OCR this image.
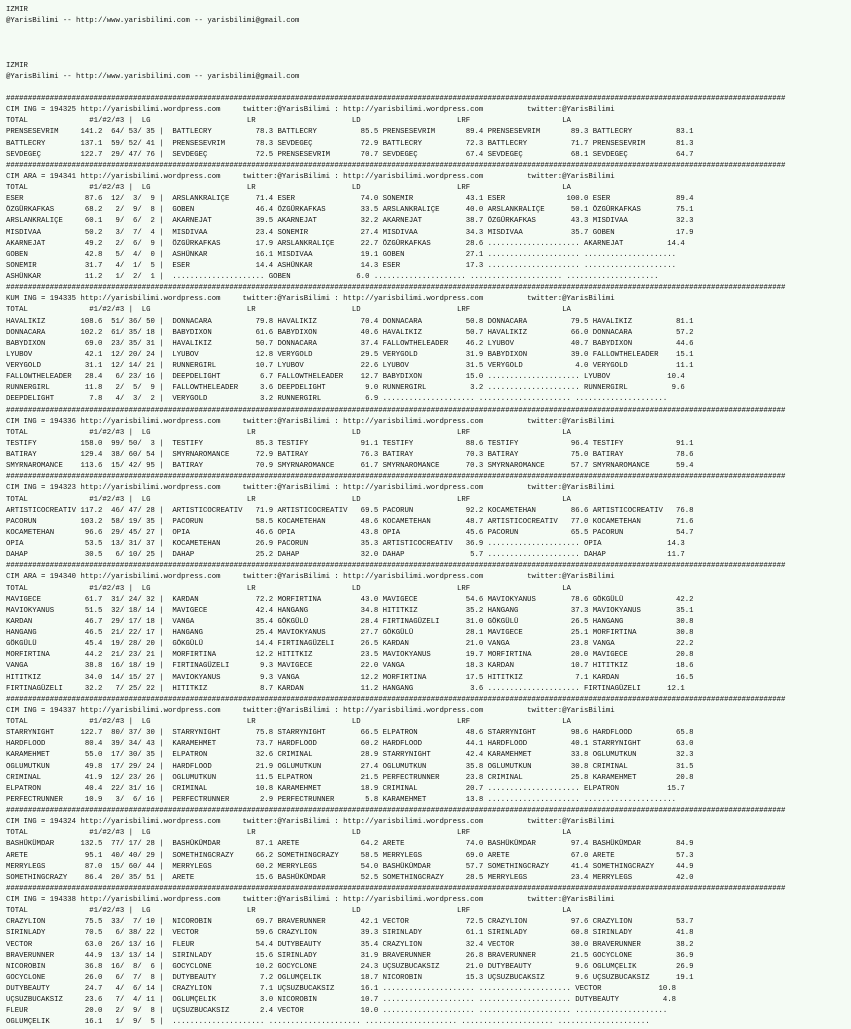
IZMIR
@YarisBilimi -- http://www.yarisbilimi.com -- yarisbilimi@gmail.com

IZMIR
@YarisBilimi -- http://www.yarisbilimi.com -- yarisbilimi@gmail.com

##################################################################################################################################################################################
CIM ING = 194325 http://yarisbilimi.wordpress.com     twitter:@YarisBilimi : http://yarisbilimi.wordpress.com          twitter:@YarisBilimi
TOTAL              #1/#2/#3 |  LG                      LR                      LD                      LRF                     LA
PRENSESEVRIM     141.2  64/ 53/ 35 |  BATTLECRY          78.3 BATTLECRY          85.5 PRENSESEVRIM       89.4 PRENSESEVRIM       89.3 BATTLECRY          83.1
BATTLECRY        137.1  59/ 52/ 41 |  PRENSESEVRIM       78.3 SEVDEGEÇ           72.9 BATTLECRY          72.3 BATTLECRY          71.7 PRENSESEVRIM       81.3
SEVDEGEÇ         122.7  29/ 47/ 76 |  SEVDEGEÇ           72.5 PRENSESEVRIM       70.7 SEVDEGEÇ           67.4 SEVDEGEÇ           68.1 SEVDEGEÇ           64.7
##################################################################################################################################################################################
CIM ARA = 194341 http://yarisbilimi.wordpress.com     twitter:@YarisBilimi : http://yarisbilimi.wordpress.com          twitter:@YarisBilimi
TOTAL              #1/#2/#3 |  LG                      LR                      LD                      LRF                     LA
ESER              87.6  12/  3/  9 |  ARSLANKRALIÇE      71.4 ESER               74.0 SONEMIR            43.1 ESER              100.0 ESER               89.4
ÖZGÜRKAFKAS       68.2   2/  9/  8 |  GOBEN              46.4 ÖZGÜRKAFKAS        33.5 ARSLANKRALIÇE      40.0 ARSLANKRALIÇE      50.1 ÖZGÜRKAFKAS        75.1
ARSLANKRALIÇE     60.1   9/  6/  2 |  AKARNEJAT          39.5 AKARNEJAT          32.2 AKARNEJAT          38.7 ÖZGÜRKAFKAS        43.3 MISDIVAA           32.3
MISDIVAA          50.2   3/  7/  4 |  MISDIVAA           23.4 SONEMIR            27.4 MISDIVAA           34.3 MISDIVAA           35.7 GOBEN              17.9
AKARNEJAT         49.2   2/  6/  9 |  ÖZGÜRKAFKAS        17.9 ARSLANKRALIÇE      22.7 ÖZGÜRKAFKAS        28.6 ..................... AKARNEJAT          14.4
GOBEN             42.8   5/  4/  0 |  ASHÜNKAR           16.1 MISDIVAA           19.1 GOBEN              27.1 ..................... .....................
SONEMIR           31.7   4/  1/  5 |  ESER               14.4 ASHÜNKAR           14.3 ESER               17.3 ..................... .....................
ASHÜNKAR          11.2   1/  2/  1 |  ..................... GOBEN               6.0 ..................... ..................... .....................
##################################################################################################################################################################################
KUM ING = 194335 http://yarisbilimi.wordpress.com     twitter:@YarisBilimi : http://yarisbilimi.wordpress.com          twitter:@YarisBilimi
TOTAL              #1/#2/#3 |  LG                      LR                      LD                      LRF                     LA
HAVALIKIZ        108.6  51/ 36/ 50 |  DONNACARA          79.8 HAVALIKIZ          70.4 DONNACARA          50.8 DONNACARA          79.5 HAVALIKIZ          81.1
DONNACARA        102.2  61/ 35/ 18 |  BABYDIXON          61.6 BABYDIXON          40.6 HAVALIKIZ          50.7 HAVALIKIZ          66.0 DONNACARA          57.2
BABYDIXON         69.0  23/ 35/ 31 |  HAVALIKIZ          50.7 DONNACARA          37.4 FALLOWTHELEADER    46.2 LYUBOV             40.7 BABYDIXON          44.6
LYUBOV            42.1  12/ 20/ 24 |  LYUBOV             12.8 VERYGOLD           29.5 VERYGOLD           31.9 BABYDIXON          39.0 FALLOWTHELEADER    15.1
VERYGOLD          31.1  12/ 14/ 21 |  RUNNERGIRL         10.7 LYUBOV             22.6 LYUBOV             31.5 VERYGOLD            4.0 VERYGOLD           11.1
FALLOWTHELEADER   28.4   6/ 23/ 16 |  DEEPDELIGHT         6.7 FALLOWTHELEADER    12.7 BABYDIXON          15.0 ..................... LYUBOV             10.4
RUNNERGIRL        11.8   2/  5/  9 |  FALLOWTHELEADER     3.6 DEEPDELIGHT         9.0 RUNNERGIRL          3.2 ..................... RUNNERGIRL          9.6
DEEPDELIGHT        7.8   4/  3/  2 |  VERYGOLD            3.2 RUNNERGIRL          6.9 ..................... ..................... .....................
##################################################################################################################################################################################
CIM ING = 194336 http://yarisbilimi.wordpress.com     twitter:@YarisBilimi : http://yarisbilimi.wordpress.com          twitter:@YarisBilimi
TOTAL              #1/#2/#3 |  LG                      LR                      LD                      LRF                     LA
TESTIFY          158.0  99/ 50/  3 |  TESTIFY            85.3 TESTIFY            91.1 TESTIFY            88.6 TESTIFY            96.4 TESTIFY            91.1
BATIRAY          129.4  38/ 60/ 54 |  SMYRNAROMANCE      72.9 BATIRAY            76.3 BATIRAY            70.3 BATIRAY            75.0 BATIRAY            78.6
SMYRNAROMANCE    113.6  15/ 42/ 95 |  BATIRAY            70.9 SMYRNAROMANCE      61.7 SMYRNAROMANCE      70.3 SMYRNAROMANCE      57.7 SMYRNAROMANCE      59.4
##################################################################################################################################################################################
CIM ING = 194323 http://yarisbilimi.wordpress.com     twitter:@YarisBilimi : http://yarisbilimi.wordpress.com          twitter:@YarisBilimi
TOTAL              #1/#2/#3 |  LG                      LR                      LD                      LRF                     LA
ARTISTICOCREATIV 117.2  46/ 47/ 28 |  ARTISTICOCREATIV   71.9 ARTISTICOCREATIV   69.5 PACORUN            92.2 KOCAMETEHAN        86.6 ARTISTICOCREATIV   76.8
PACORUN          103.2  58/ 19/ 35 |  PACORUN            58.5 KOCAMETEHAN        48.6 KOCAMETEHAN        48.7 ARTISTICOCREATIV   77.0 KOCAMETEHAN        71.6
KOCAMETEHAN       96.6  29/ 45/ 27 |  OPIA               46.6 OPIA               43.8 OPIA               45.6 PACORUN            65.5 PACORUN            54.7
OPIA              53.5  13/ 31/ 37 |  KOCAMETEHAN        26.9 PACORUN            35.3 ARTISTICOCREATIV   36.9 ..................... OPIA               14.3
DAHAP             30.5   6/ 10/ 25 |  DAHAP              25.2 DAHAP              32.0 DAHAP               5.7 ..................... DAHAP              11.7
##################################################################################################################################################################################
CIM ARA = 194340 http://yarisbilimi.wordpress.com     twitter:@YarisBilimi : http://yarisbilimi.wordpress.com          twitter:@YarisBilimi
TOTAL              #1/#2/#3 |  LG                      LR                      LD                      LRF                     LA
MAVIGECE          61.7  31/ 24/ 32 |  KARDAN             72.2 MORFIRTINA         43.0 MAVIGECE           54.6 MAVIOKYANUS        78.6 GÖKGÜLÜ            42.2
MAVIOKYANUS       51.5  32/ 18/ 14 |  MAVIGECE           42.4 HANGANG            34.8 HITITKIZ           35.2 HANGANG            37.3 MAVIOKYANUS        35.1
KARDAN            46.7  29/ 17/ 18 |  VANGA              35.4 GÖKGÜLÜ            28.4 FIRTINAGÜZELI      31.0 GÖKGÜLÜ            26.5 HANGANG            30.8
HANGANG           46.5  21/ 22/ 17 |  HANGANG            25.4 MAVIOKYANUS        27.7 GÖKGÜLÜ            28.1 MAVIGECE           25.1 MORFIRTINA         30.8
GÖKGÜLÜ           45.4  19/ 28/ 20 |  GÖKGÜLÜ            14.4 FIRTINAGÜZELI      26.5 KARDAN             21.0 VANGA              23.8 VANGA              22.2
MORFIRTINA        44.2  21/ 23/ 21 |  MORFIRTINA         12.2 HITITKIZ           23.5 MAVIOKYANUS        19.7 MORFIRTINA         20.0 MAVIGECE           20.8
VANGA             38.8  16/ 18/ 19 |  FIRTINAGÜZELI       9.3 MAVIGECE           22.0 VANGA              18.3 KARDAN             10.7 HITITKIZ           18.6
HITITKIZ          34.0  14/ 15/ 27 |  MAVIOKYANUS         9.3 VANGA              12.2 MORFIRTINA         17.5 HITITKIZ            7.1 KARDAN             16.5
FIRTINAGÜZELI     32.2   7/ 25/ 22 |  HITITKIZ            8.7 KARDAN             11.2 HANGANG             3.6 ..................... FIRTINAGÜZELI      12.1
##################################################################################################################################################################################
CIM ING = 194337 http://yarisbilimi.wordpress.com     twitter:@YarisBilimi : http://yarisbilimi.wordpress.com          twitter:@YarisBilimi
TOTAL              #1/#2/#3 |  LG                      LR                      LD                      LRF                     LA
STARRYNIGHT      122.7  80/ 37/ 30 |  STARRYNIGHT        75.8 STARRYNIGHT        66.5 ELPATRON           48.6 STARRYNIGHT        98.6 HARDFLOOD          65.8
HARDFLOOD         80.4  39/ 34/ 43 |  KARAMEHMET         73.7 HARDFLOOD          60.2 HARDFLOOD          44.1 HARDFLOOD          40.1 STARRYNIGHT        63.0
KARAMEHMET        55.0  17/ 30/ 35 |  ELPATRON           32.6 CRIMINAL           28.9 STARRYNIGHT        42.4 KARAMEHMET         33.8 OGLUMUTKUN         32.3
OGLUMUTKUN        49.8  17/ 29/ 24 |  HARDFLOOD          21.9 OGLUMUTKUN         27.4 OGLUMUTKUN         35.8 OGLUMUTKUN         30.8 CRIMINAL           31.5
CRIMINAL          41.9  12/ 23/ 26 |  OGLUMUTKUN         11.5 ELPATRON           21.5 PERFECTRUNNER      23.8 CRIMINAL           25.8 KARAMEHMET         20.8
ELPATRON          40.4  22/ 31/ 16 |  CRIMINAL           10.8 KARAMEHMET         18.9 CRIMINAL           20.7 ..................... ELPATRON           15.7
PERFECTRUNNER     10.9   3/  6/ 16 |  PERFECTRUNNER       2.9 PERFECTRUNNER       5.8 KARAMEHMET         13.8 ..................... .....................
##################################################################################################################################################################################
CIM ING = 194324 http://yarisbilimi.wordpress.com     twitter:@YarisBilimi : http://yarisbilimi.wordpress.com          twitter:@YarisBilimi
TOTAL              #1/#2/#3 |  LG                      LR                      LD                      LRF                     LA
BASHÜKÜMDAR      132.5  77/ 17/ 28 |  BASHÜKÜMDAR        87.1 ARETE              64.2 ARETE              74.0 BASHÜKÜMDAR        97.4 BASHÜKÜMDAR        84.9
ARETE             95.1  40/ 40/ 29 |  SOMETHINGCRAZY     66.2 SOMETHINGCRAZY     58.5 MERRYLEGS          69.0 ARETE              67.0 ARETE              57.3
MERRYLEGS         87.0  15/ 60/ 44 |  MERRYLEGS          60.2 MERRYLEGS          54.0 BASHÜKÜMDAR        57.7 SOMETHINGCRAZY     41.4 SOMETHINGCRAZY     44.9
SOMETHINGCRAZY    86.4  20/ 35/ 51 |  ARETE              15.6 BASHÜKÜMDAR        52.5 SOMETHINGCRAZY     28.5 MERRYLEGS          23.4 MERRYLEGS          42.0
##################################################################################################################################################################################
CIM ING = 194338 http://yarisbilimi.wordpress.com     twitter:@YarisBilimi : http://yarisbilimi.wordpress.com          twitter:@YarisBilimi
TOTAL              #1/#2/#3 |  LG                      LR                      LD                      LRF                     LA
CRAZYLION         75.5  33/  7/ 10 |  NICOROBIN          69.7 BRAVERUNNER        42.1 VECTOR             72.5 CRAZYLION          97.6 CRAZYLION          53.7
SIRINLADY         70.5   6/ 38/ 22 |  VECTOR             59.6 CRAZYLION          39.3 SIRINLADY          61.1 SIRINLADY          60.8 SIRINLADY          41.8
VECTOR            63.0  26/ 13/ 16 |  FLEUR              54.4 DUTYBEAUTY         35.4 CRAZYLION          32.4 VECTOR             30.0 BRAVERUNNER        38.2
BRAVERUNNER       44.9  13/ 13/ 14 |  SIRINLADY          15.6 SIRINLADY          31.9 BRAVERUNNER        26.8 BRAVERUNNER        21.5 GOCYCLONE          36.9
NICOROBIN         36.8  16/  8/  6 |  GOCYCLONE          10.2 GOCYCLONE          24.3 UÇSUZBUCAKSIZ      21.0 DUTYBEAUTY          9.6 OGLUMÇELIK         26.9
GOCYCLONE         26.0   6/  7/  8 |  DUTYBEAUTY          7.2 OGLUMÇELIK         18.7 NICOROBIN          15.3 UÇSUZBUCAKSIZ       9.6 UÇSUZBUCAKSIZ      19.1
DUTYBEAUTY        24.7   4/  6/ 14 |  CRAZYLION           7.1 UÇSUZBUCAKSIZ      16.1 ..................... ..................... VECTOR             10.8
UÇSUZBUCAKSIZ     23.6   7/  4/ 11 |  OGLUMÇELIK          3.0 NICOROBIN          10.7 ..................... ..................... DUTYBEAUTY          4.8
FLEUR             20.0   2/  9/  8 |  UÇSUZBUCAKSIZ       2.4 VECTOR             10.0 ..................... ..................... .....................
OGLUMÇELIK        16.1   1/  9/  5 |  ..................... ..................... ..................... ..................... .....................
